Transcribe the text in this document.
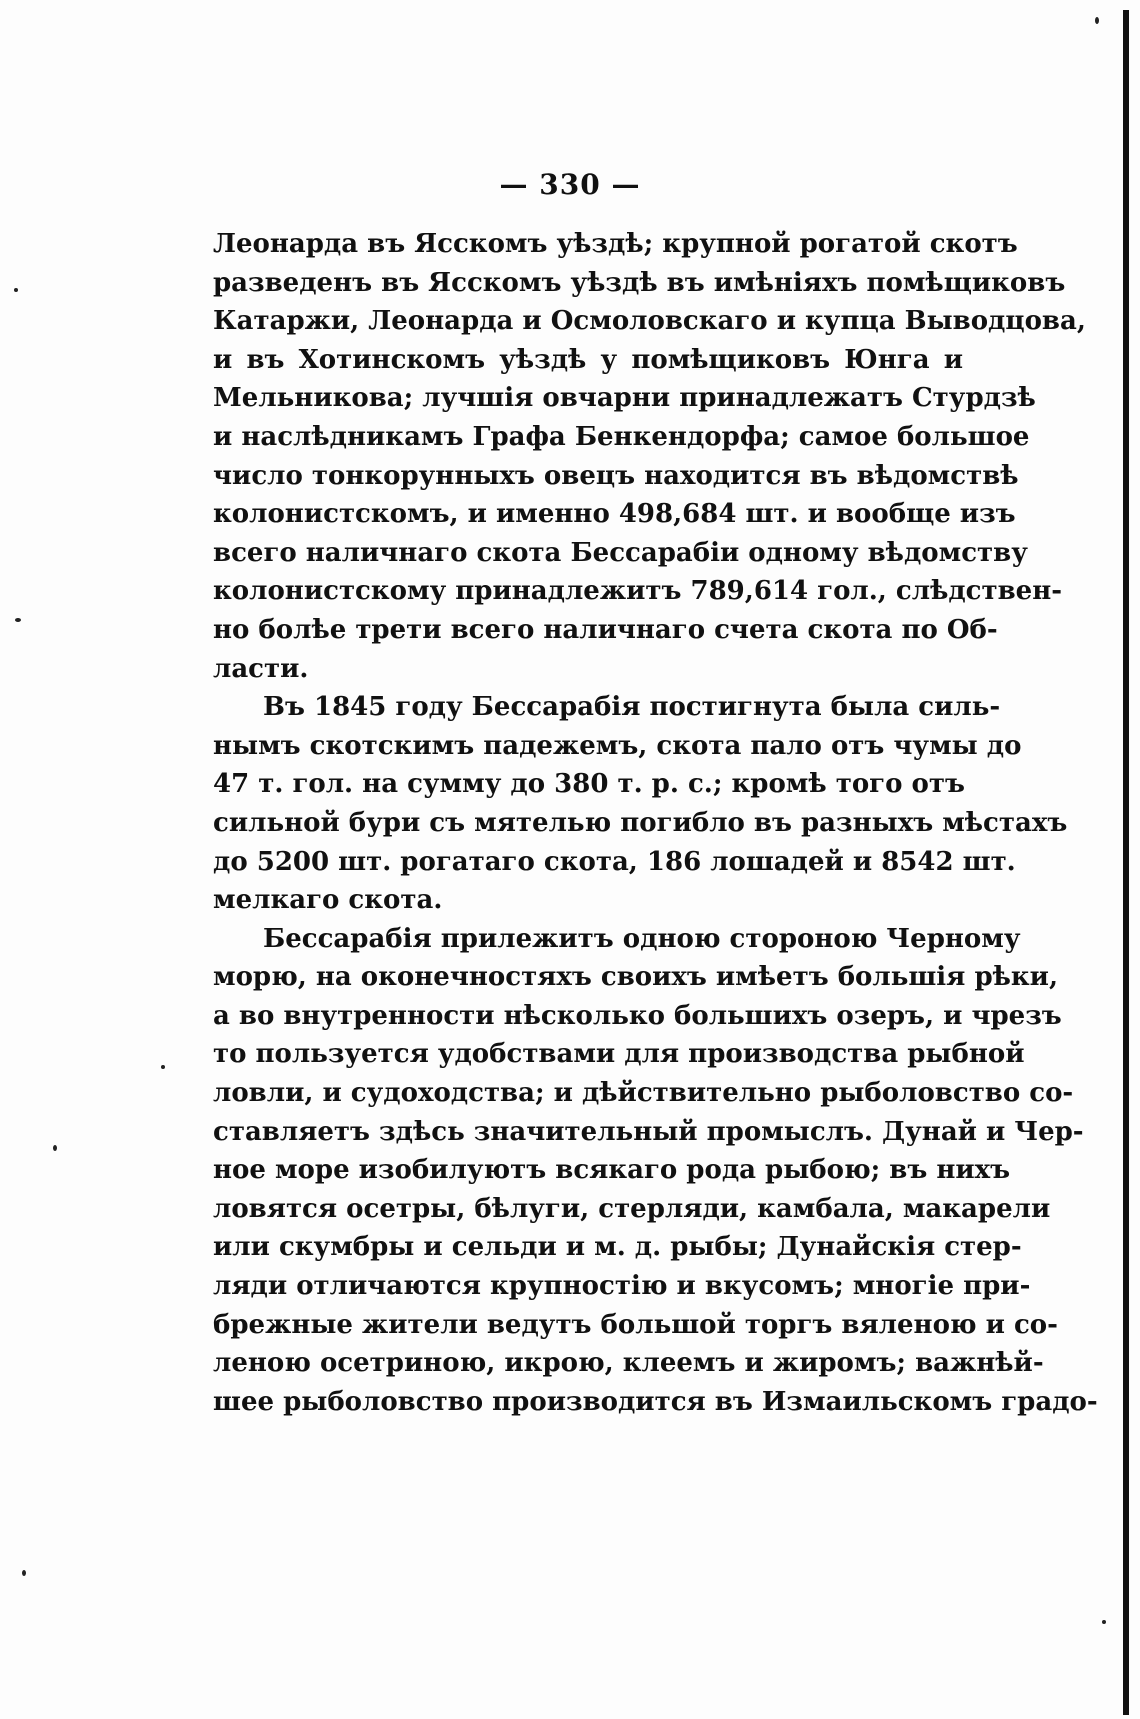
— 330 —
Леонарда въ Ясскомъ уѣздѣ; крупной рогатой скотъ
разведенъ въ Ясскомъ уѣздѣ въ имѣніяхъ помѣщиковъ
Катаржи, Леонарда и Осмоловскаго и купца Выводцова,
и въ Хотинскомъ уѣздѣ у помѣщиковъ Юнга и
Мельникова; лучшія овчарни принадлежатъ Стурдзѣ
и наслѣдникамъ Графа Бенкендорфа; самое большое
число тонкорунныхъ овецъ находится въ вѣдомствѣ
колонистскомъ, и именно 498,684 шт. и вообще изъ
всего наличнаго скота Бессарабіи одному вѣдомству
колонистскому принадлежитъ 789,614 гол., слѣдствен-
но болѣе трети всего наличнаго счета скота по Об-
ласти.
Въ 1845 году Бессарабія постигнута была силь-
нымъ скотскимъ падежемъ, скота пало отъ чумы до
47 т. гол. на сумму до 380 т. р. с.; кромѣ того отъ
сильной бури съ мятелью погибло въ разныхъ мѣстахъ
до 5200 шт. рогатаго скота, 186 лошадей и 8542 шт.
мелкаго скота.
Бессарабія прилежитъ одною стороною Черному
морю, на оконечностяхъ своихъ имѣетъ большія рѣки,
а во внутренности нѣсколько большихъ озеръ, и чрезъ
то пользуется удобствами для производства рыбной
ловли, и судоходства; и дѣйствительно рыболовство со-
ставляетъ здѣсь значительный промыслъ. Дунай и Чер-
ное море изобилуютъ всякаго рода рыбою; въ нихъ
ловятся осетры, бѣлуги, стерляди, камбала, макарели
или скумбры и сельди и м. д. рыбы; Дунайскія стер-
ляди отличаются крупностію и вкусомъ; многіе при-
брежные жители ведутъ большой торгъ вяленою и со-
леною осетриною, икрою, клеемъ и жиромъ; важнѣй-
шее рыболовство производится въ Измаильскомъ градо-
